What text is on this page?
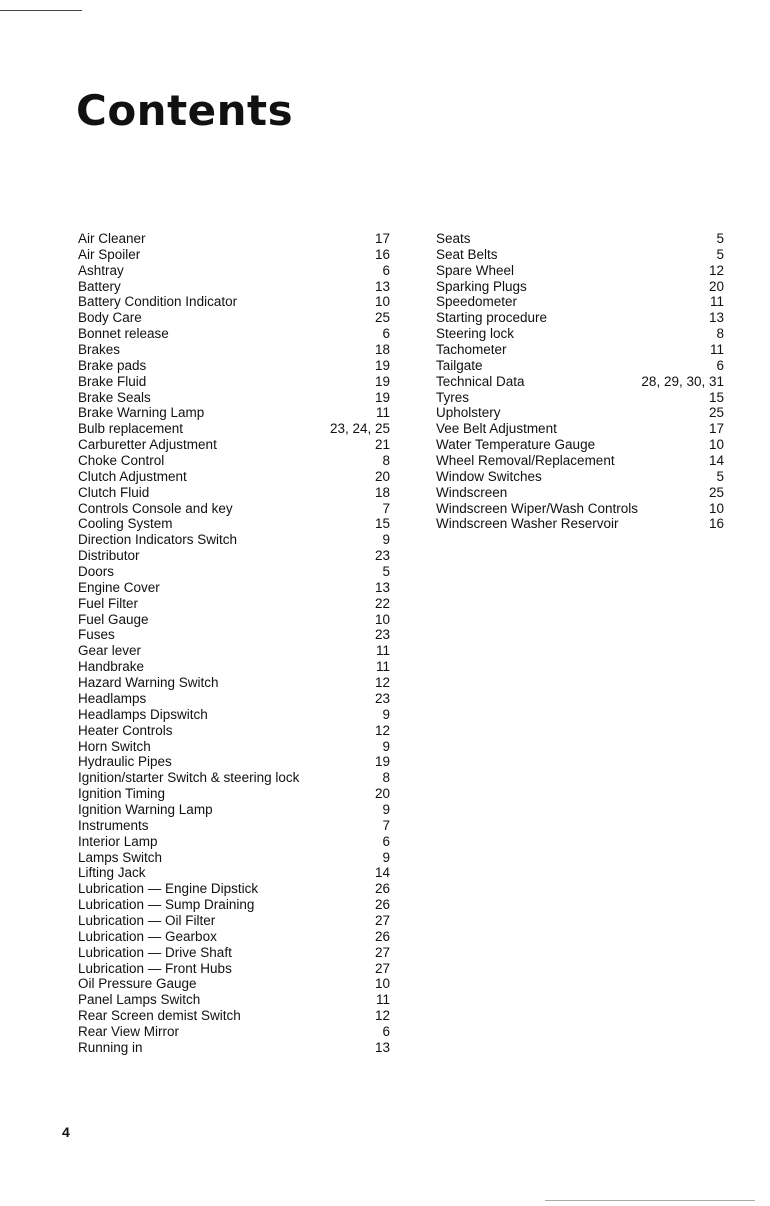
Contents
Air Cleaner	17
Air Spoiler	16
Ashtray	6
Battery	13
Battery Condition Indicator	10
Body Care	25
Bonnet release	6
Brakes	18
Brake pads	19
Brake Fluid	19
Brake Seals	19
Brake Warning Lamp	11
Bulb replacement	23, 24, 25
Carburetter Adjustment	21
Choke Control	8
Clutch Adjustment	20
Clutch Fluid	18
Controls Console and key	7
Cooling System	15
Direction Indicators Switch	9
Distributor	23
Doors	5
Engine Cover	13
Fuel Filter	22
Fuel Gauge	10
Fuses	23
Gear lever	11
Handbrake	11
Hazard Warning Switch	12
Headlamps	23
Headlamps Dipswitch	9
Heater Controls	12
Horn Switch	9
Hydraulic Pipes	19
Ignition/starter Switch & steering lock	8
Ignition Timing	20
Ignition Warning Lamp	9
Instruments	7
Interior Lamp	6
Lamps Switch	9
Lifting Jack	14
Lubrication — Engine Dipstick	26
Lubrication — Sump Draining	26
Lubrication — Oil Filter	27
Lubrication — Gearbox	26
Lubrication — Drive Shaft	27
Lubrication — Front Hubs	27
Oil Pressure Gauge	10
Panel Lamps Switch	11
Rear Screen demist Switch	12
Rear View Mirror	6
Running in	13
Seats	5
Seat Belts	5
Spare Wheel	12
Sparking Plugs	20
Speedometer	11
Starting procedure	13
Steering lock	8
Tachometer	11
Tailgate	6
Technical Data	28, 29, 30, 31
Tyres	15
Upholstery	25
Vee Belt Adjustment	17
Water Temperature Gauge	10
Wheel Removal/Replacement	14
Window Switches	5
Windscreen	25
Windscreen Wiper/Wash Controls	10
Windscreen Washer Reservoir	16
4
